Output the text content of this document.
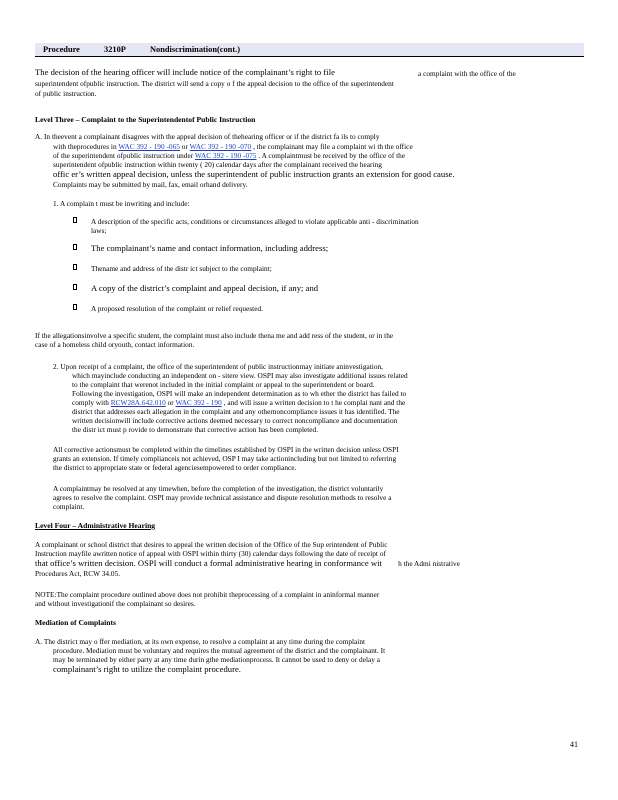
Procedure	3210P	Nondiscrimination(cont.)
The decision of the hearing officer will include notice of the complainant’s right to file	a complaint with the office of the
superintendent ofpublic instruction. The district will send a copy o f the appeal decision to the office of the superintendent
of public instruction.
Level Three – Complaint to the Superintendentof Public Instruction
A. In theevent a complainant disagrees with the appeal decision of thehearing officer or if the district fa ils to comply
with theprocedures in WAC 392 - 190 -065 or WAC 392 - 190 -070 , the complainant may file a complaint wi th the office
of the superintendent ofpublic instruction under WAC 392 - 190 -075 . A complaintmust be received by the office of the
superintendent ofpublic instruction within twenty ( 20) calendar days after the complainant received the hearing
offic er’s written appeal decision, unless the superintendent of public instruction grants an extension for good cause.
Complaints may be submitted by mail, fax, email orhand delivery.
1. A complain t must be inwriting and include:
A description of the specific acts, conditions or circumstances alleged to violate applicable anti - discrimination
laws;
The complainant’s name and contact information, including address;
Thename and address of the distr ict subject to the complaint;
A copy of the district’s complaint and appeal decision, if any; and
A proposed resolution of the complaint or relief requested.
If the allegationsinvolve a specific student, the complaint must also include thena me and add ress of the student, or in the
case of a homeless child oryouth, contact information.
2. Upon receipt of a complaint, the office of the superintendent of public instructionmay initiate aninvestigation,
which mayinclude conducting an independent on - sitere view. OSPI may also investigate additional issues related
to the complaint that werenot included in the initial complaint or appeal to the superintendent or board.
Following the investigation, OSPI will make an independent determination as to wh ether the district has failed to
comply with RCW28A.642.010 or WAC 392 - 190 , and will issue a written decision to t he complai nant and the
district that addresses each allegation in the complaint and any othernoncompliance issues it has identified. The
written decisionwill include corrective actions deemed necessary to correct noncompliance and documentation
the distr ict must p rovide to demonstrate that corrective action has been completed.
All corrective actionsmust be completed within the timelines established by OSPI in the written decision unless OSPI
grants an extension. If timely compliancеis not achieved, OSP I may take actionincluding but not limited to referring
the district to appropriate state or federal agenciesempowered to order compliance.
A complaintmay be resolved at any timewhen, before the completion of the investigation, the district voluntarily
agrees to resolve the complaint. OSPI may provide technical assistance and dispute resolution methods to resolve a
complaint.
Level Four – Administrative Hearing
A complainant or school district that desires to appeal the written decision of the Office of the Sup erintendent of Public
Instruction mayfile awritten notice of appeal with OSPI within thirty (30) calendar days following the date of receipt of
that office’s written decision. OSPI will conduct a formal administrative hearing in conformance wit h the Admi nistrative
Procedures Act, RCW 34.05.
NOTE:The complaint procedure outlined above does not prohibit theprocessing of a complaint in aninformal manner
and without investigationif the complainant so desires.
Mediation of Complaints
A. The district may o ffer mediation, at its own expense, to resolve a complaint at any time during the complaint
procedure. Mediation must be voluntary and requires the mutual agreement of the district and the complainant. It
may be terminated by either party at any time durin gthe mediationprocess. It cannot be used to deny or delay a
complainant’s right to utilize the complaint procedure.
41
